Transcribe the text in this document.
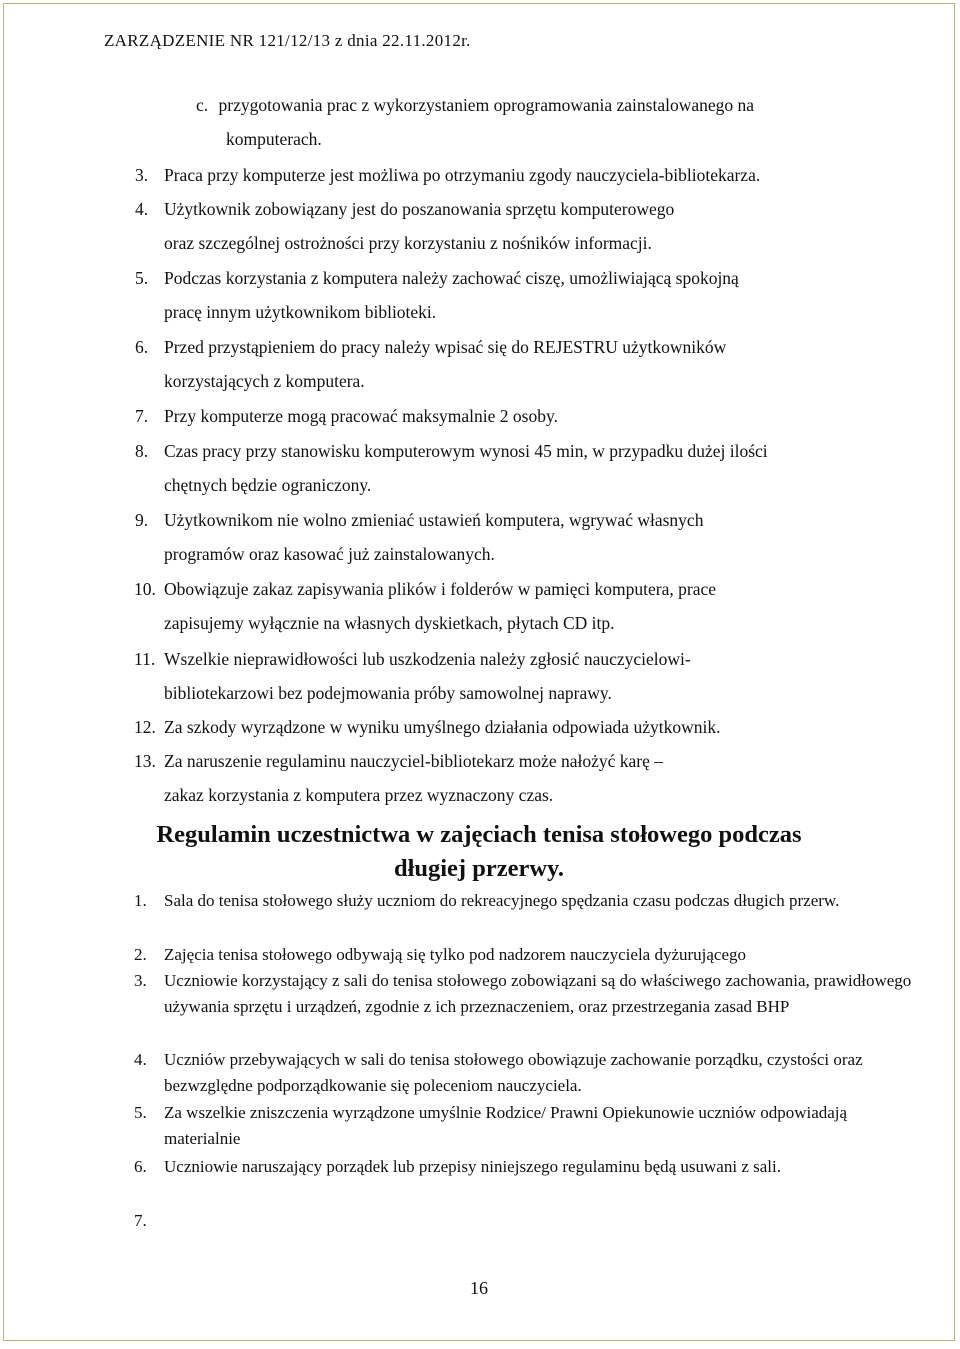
ZARZĄDZENIE NR 121/12/13 z dnia 22.11.2012r.
c. przygotowania prac z wykorzystaniem oprogramowania zainstalowanego na
komputerach.
3. Praca przy komputerze jest możliwa po otrzymaniu zgody nauczyciela-bibliotekarza.
4. Użytkownik zobowiązany jest do poszanowania sprzętu komputerowego
oraz szczególnej ostrożności przy korzystaniu z nośników informacji.
5. Podczas korzystania z komputera należy zachować ciszę, umożliwiającą spokojną
pracę innym użytkownikom biblioteki.
6. Przed przystąpieniem do pracy należy wpisać się do REJESTRU użytkowników
korzystających z komputera.
7. Przy komputerze mogą pracować maksymalnie 2 osoby.
8. Czas pracy przy stanowisku komputerowym wynosi 45 min, w przypadku dużej ilości
chętnych będzie ograniczony.
9. Użytkownikom nie wolno zmieniać ustawień komputera, wgrywać własnych
programów oraz kasować już zainstalowanych.
10. Obowiązuje zakaz zapisywania plików i folderów w pamięci komputera, prace
zapisujemy wyłącznie na własnych dyskietkach, płytach CD itp.
11. Wszelkie nieprawidłowości lub uszkodzenia należy zgłosić nauczycielowi-
bibliotekarzowi bez podejmowania próby samowolnej naprawy.
12. Za szkody wyrządzone w wyniku umyślnego działania odpowiada użytkownik.
13. Za naruszenie regulaminu nauczyciel-bibliotekarz może nałożyć karę –
zakaz korzystania z komputera przez wyznaczony czas.
Regulamin uczestnictwa w zajęciach tenisa stołowego podczas
długiej przerwy.
1. Sala do tenisa stołowego służy uczniom do rekreacyjnego spędzania czasu podczas długich przerw.
2. Zajęcia tenisa stołowego odbywają się tylko pod nadzorem nauczyciela dyżurującego
3. Uczniowie korzystający z sali do tenisa stołowego zobowiązani są do właściwego zachowania, prawidłowego używania sprzętu i urządzeń, zgodnie z ich przeznaczeniem, oraz przestrzegania zasad BHP
4. Uczniów przebywających w sali do tenisa stołowego obowiązuje zachowanie porządku, czystości oraz bezwzględne podporządkowanie się poleceniom nauczyciela.
5. Za wszelkie zniszczenia wyrządzone umyślnie Rodzice/ Prawni Opiekunowie uczniów odpowiadają materialnie
6. Uczniowie naruszający porządek lub przepisy niniejszego regulaminu będą usuwani z sali.
7.
16
